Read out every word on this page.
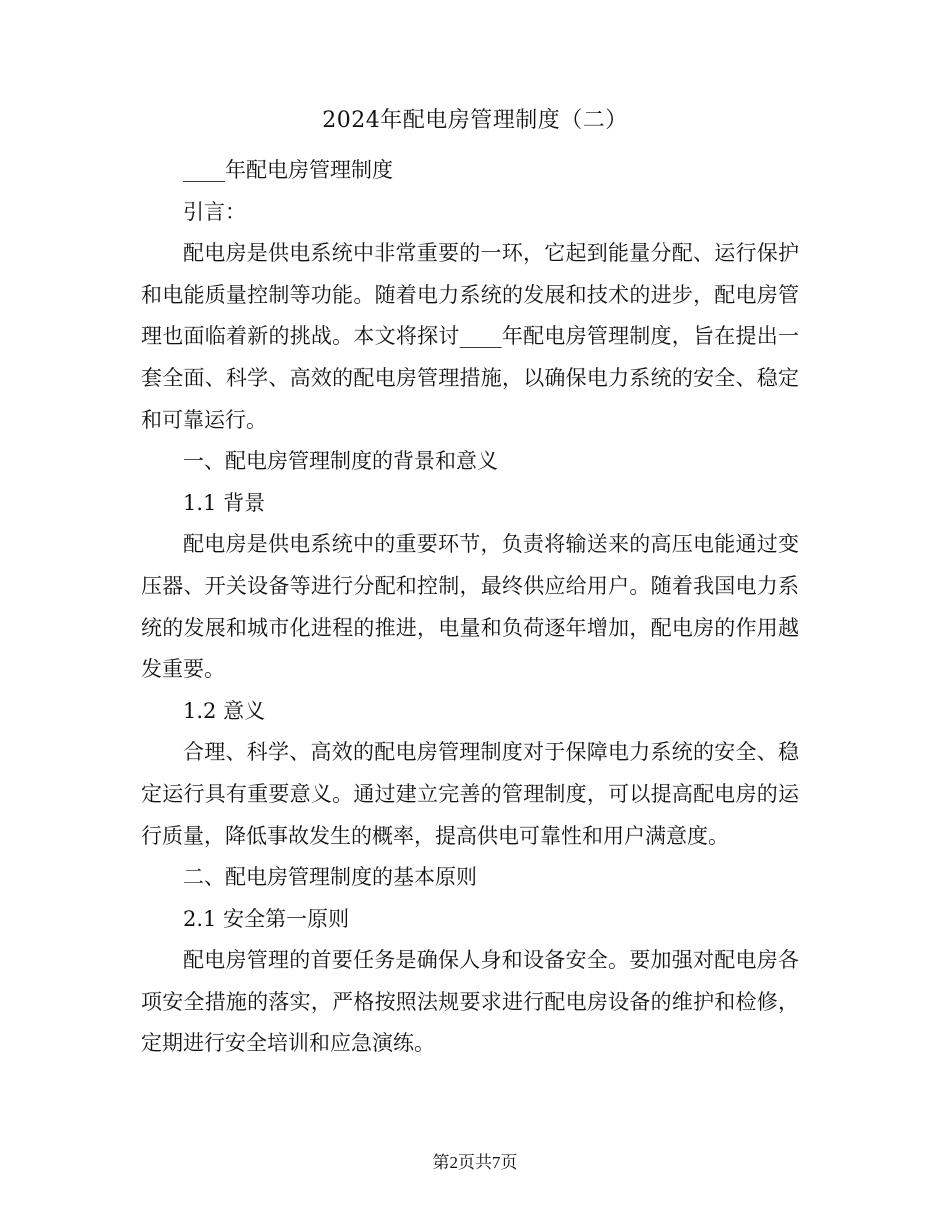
2024年配电房管理制度（二）

____年配电房管理制度

引言：

配电房是供电系统中非常重要的一环，它起到能量分配、运行保护和电能质量控制等功能。随着电力系统的发展和技术的进步，配电房管理也面临着新的挑战。本文将探讨____年配电房管理制度，旨在提出一套全面、科学、高效的配电房管理措施，以确保电力系统的安全、稳定和可靠运行。

一、配电房管理制度的背景和意义

1.1 背景

配电房是供电系统中的重要环节，负责将输送来的高压电能通过变压器、开关设备等进行分配和控制，最终供应给用户。随着我国电力系统的发展和城市化进程的推进，电量和负荷逐年增加，配电房的作用越发重要。

1.2 意义

合理、科学、高效的配电房管理制度对于保障电力系统的安全、稳定运行具有重要意义。通过建立完善的管理制度，可以提高配电房的运行质量，降低事故发生的概率，提高供电可靠性和用户满意度。

二、配电房管理制度的基本原则

2.1 安全第一原则

配电房管理的首要任务是确保人身和设备安全。要加强对配电房各项安全措施的落实，严格按照法规要求进行配电房设备的维护和检修，定期进行安全培训和应急演练。

第2页共7页
